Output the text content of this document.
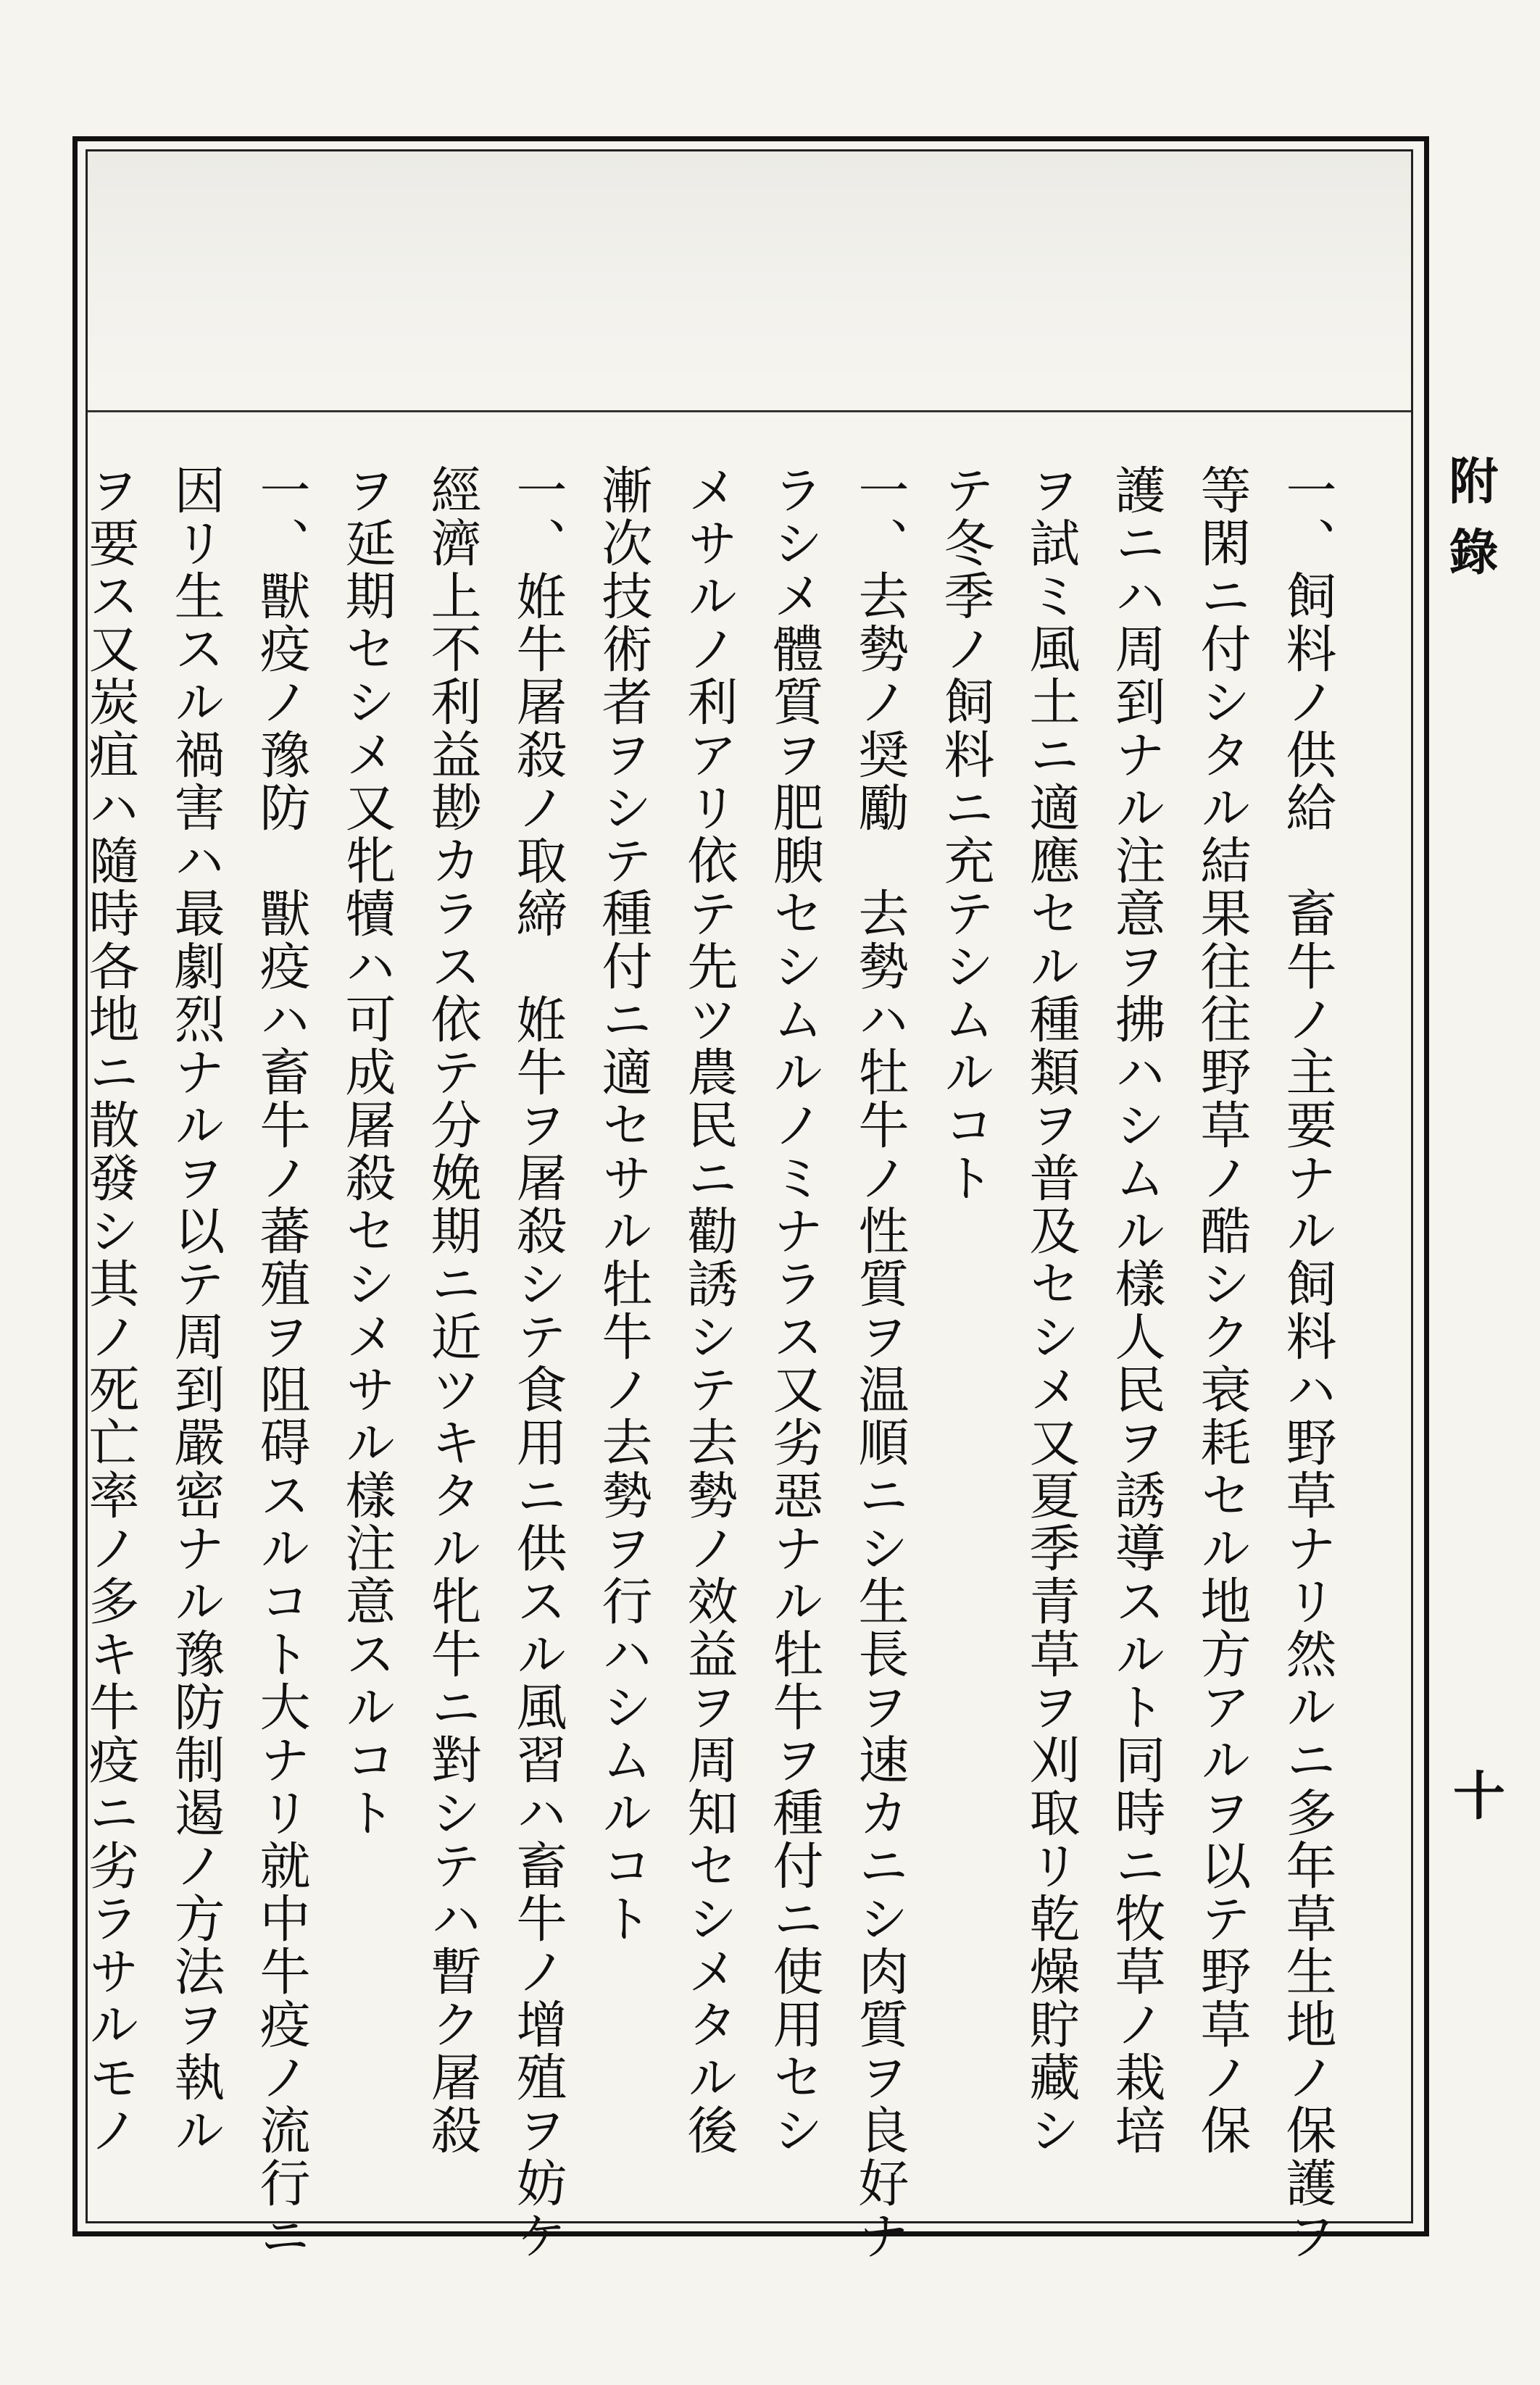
附錄
十
一、飼料ノ供給　畜牛ノ主要ナル飼料ハ野草ナリ然ルニ多年草生地ノ保護ヲ
等閑ニ付シタル結果往往野草ノ酷シク衰耗セル地方アルヲ以テ野草ノ保
護ニハ周到ナル注意ヲ拂ハシムル樣人民ヲ誘導スルト同時ニ牧草ノ栽培
ヲ試ミ風土ニ適應セル種類ヲ普及セシメ又夏季青草ヲ刈取リ乾燥貯藏シ
テ冬季ノ飼料ニ充テシムルコト
一、去勢ノ奨勵　去勢ハ牡牛ノ性質ヲ温順ニシ生長ヲ速カニシ肉質ヲ良好ナ
ラシメ體質ヲ肥腴セシムルノミナラス又劣惡ナル牡牛ヲ種付ニ使用セシ
メサルノ利アリ依テ先ツ農民ニ勸誘シテ去勢ノ效益ヲ周知セシメタル後
漸次技術者ヲシテ種付ニ適セサル牡牛ノ去勢ヲ行ハシムルコト
一、姙牛屠殺ノ取締　姙牛ヲ屠殺シテ食用ニ供スル風習ハ畜牛ノ增殖ヲ妨ケ
經濟上不利益尠カラス依テ分娩期ニ近ツキタル牝牛ニ對シテハ暫ク屠殺
ヲ延期セシメ又牝犢ハ可成屠殺セシメサル樣注意スルコト
一、獸疫ノ豫防　獸疫ハ畜牛ノ蕃殖ヲ阻碍スルコト大ナリ就中牛疫ノ流行ニ
因リ生スル禍害ハ最劇烈ナルヲ以テ周到嚴密ナル豫防制遏ノ方法ヲ執ル
ヲ要ス又炭疽ハ隨時各地ニ散發シ其ノ死亡率ノ多キ牛疫ニ劣ラサルモノ
